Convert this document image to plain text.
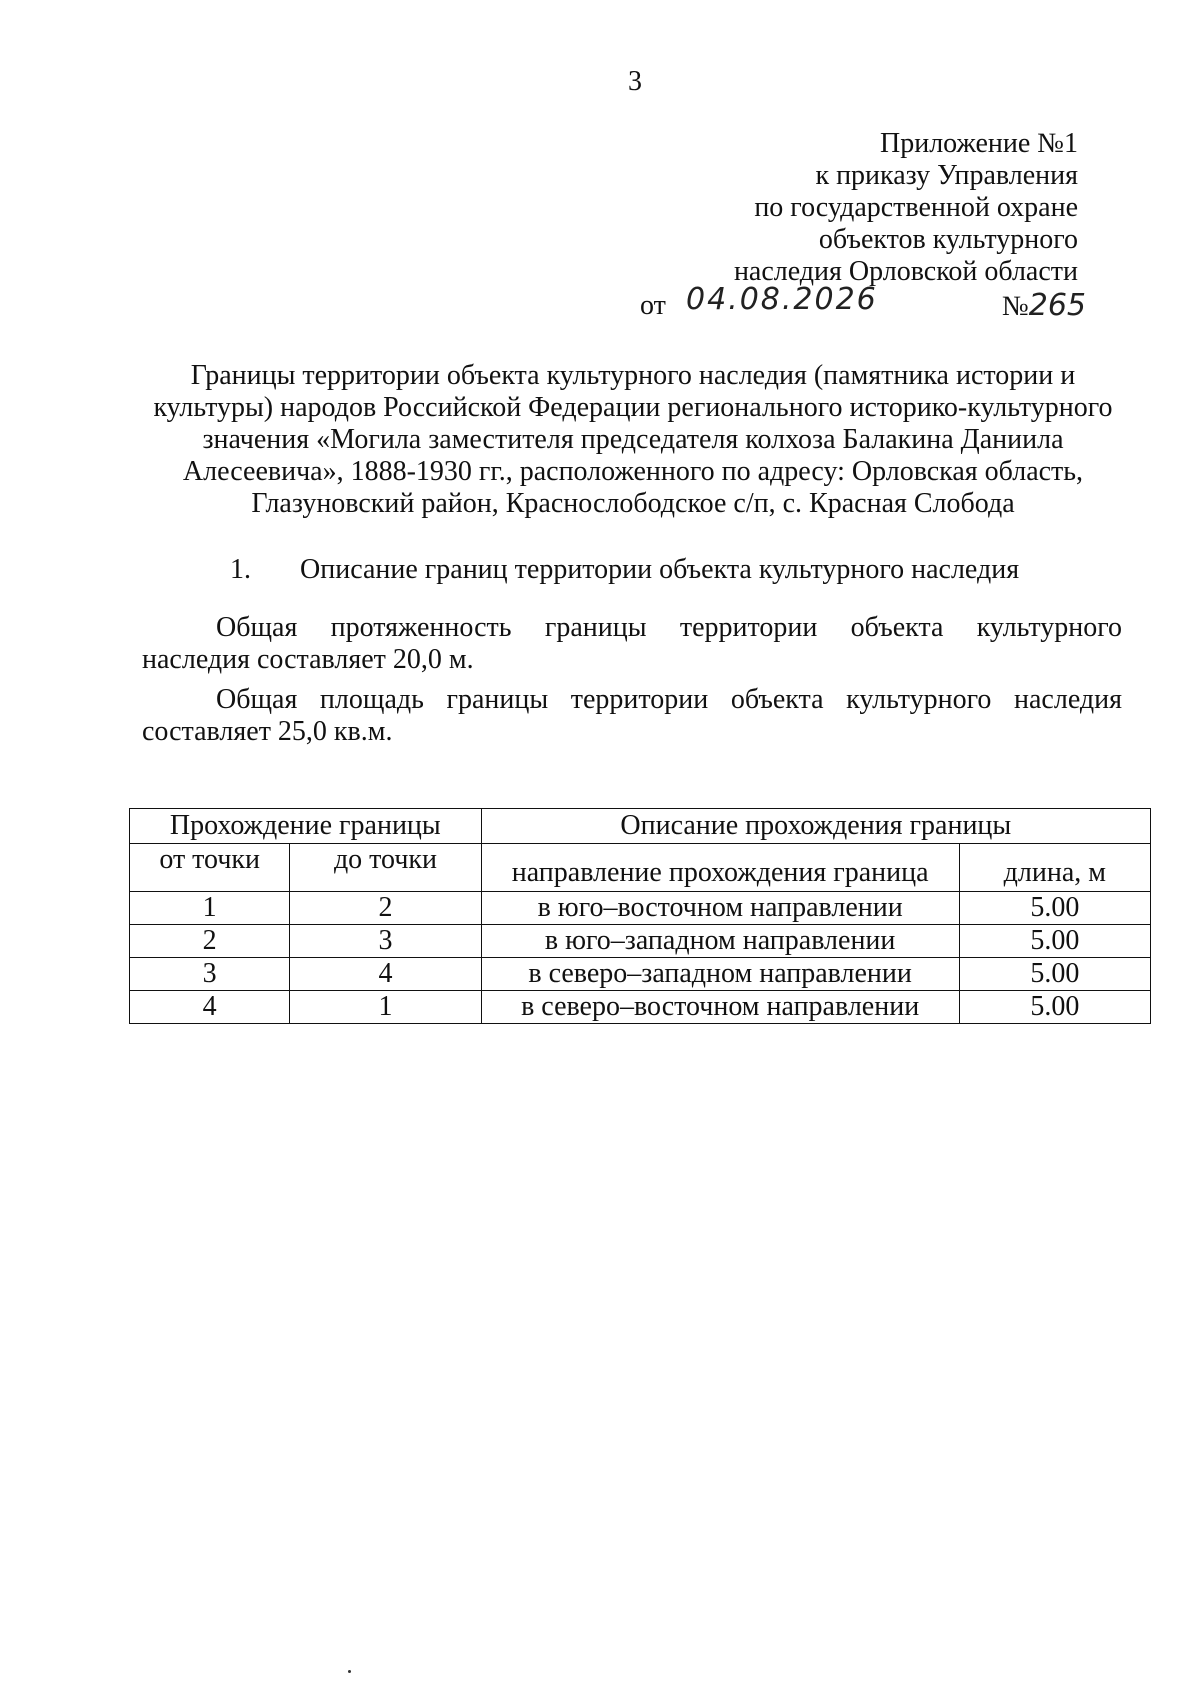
3
Приложение №1
к приказу Управления
по государственной охране
объектов культурного
наследия Орловской области
от 04.08.2026	№265
Границы территории объекта культурного наследия (памятника истории и
культуры) народов Российской Федерации регионального историко-культурного
значения «Могила заместителя председателя колхоза Балакина Даниила
Алесеевича», 1888-1930 гг., расположенного по адресу: Орловская область,
Глазуновский район, Краснослободское с/п, с. Красная Слобода
1. Описание границ территории объекта культурного наследия
Общая протяженность границы территории объекта культурного
наследия составляет 20,0 м.
Общая площадь границы территории объекта культурного наследия
составляет 25,0 кв.м.
Прохождение границы		Описание прохождения границы	
от точки	до точки	направление прохождения граница	длина, м
1	2	в юго–восточном направлении	5.00
2	3	в юго–западном направлении	5.00
3	4	в северо–западном направлении	5.00
4	1	в северо–восточном направлении	5.00
